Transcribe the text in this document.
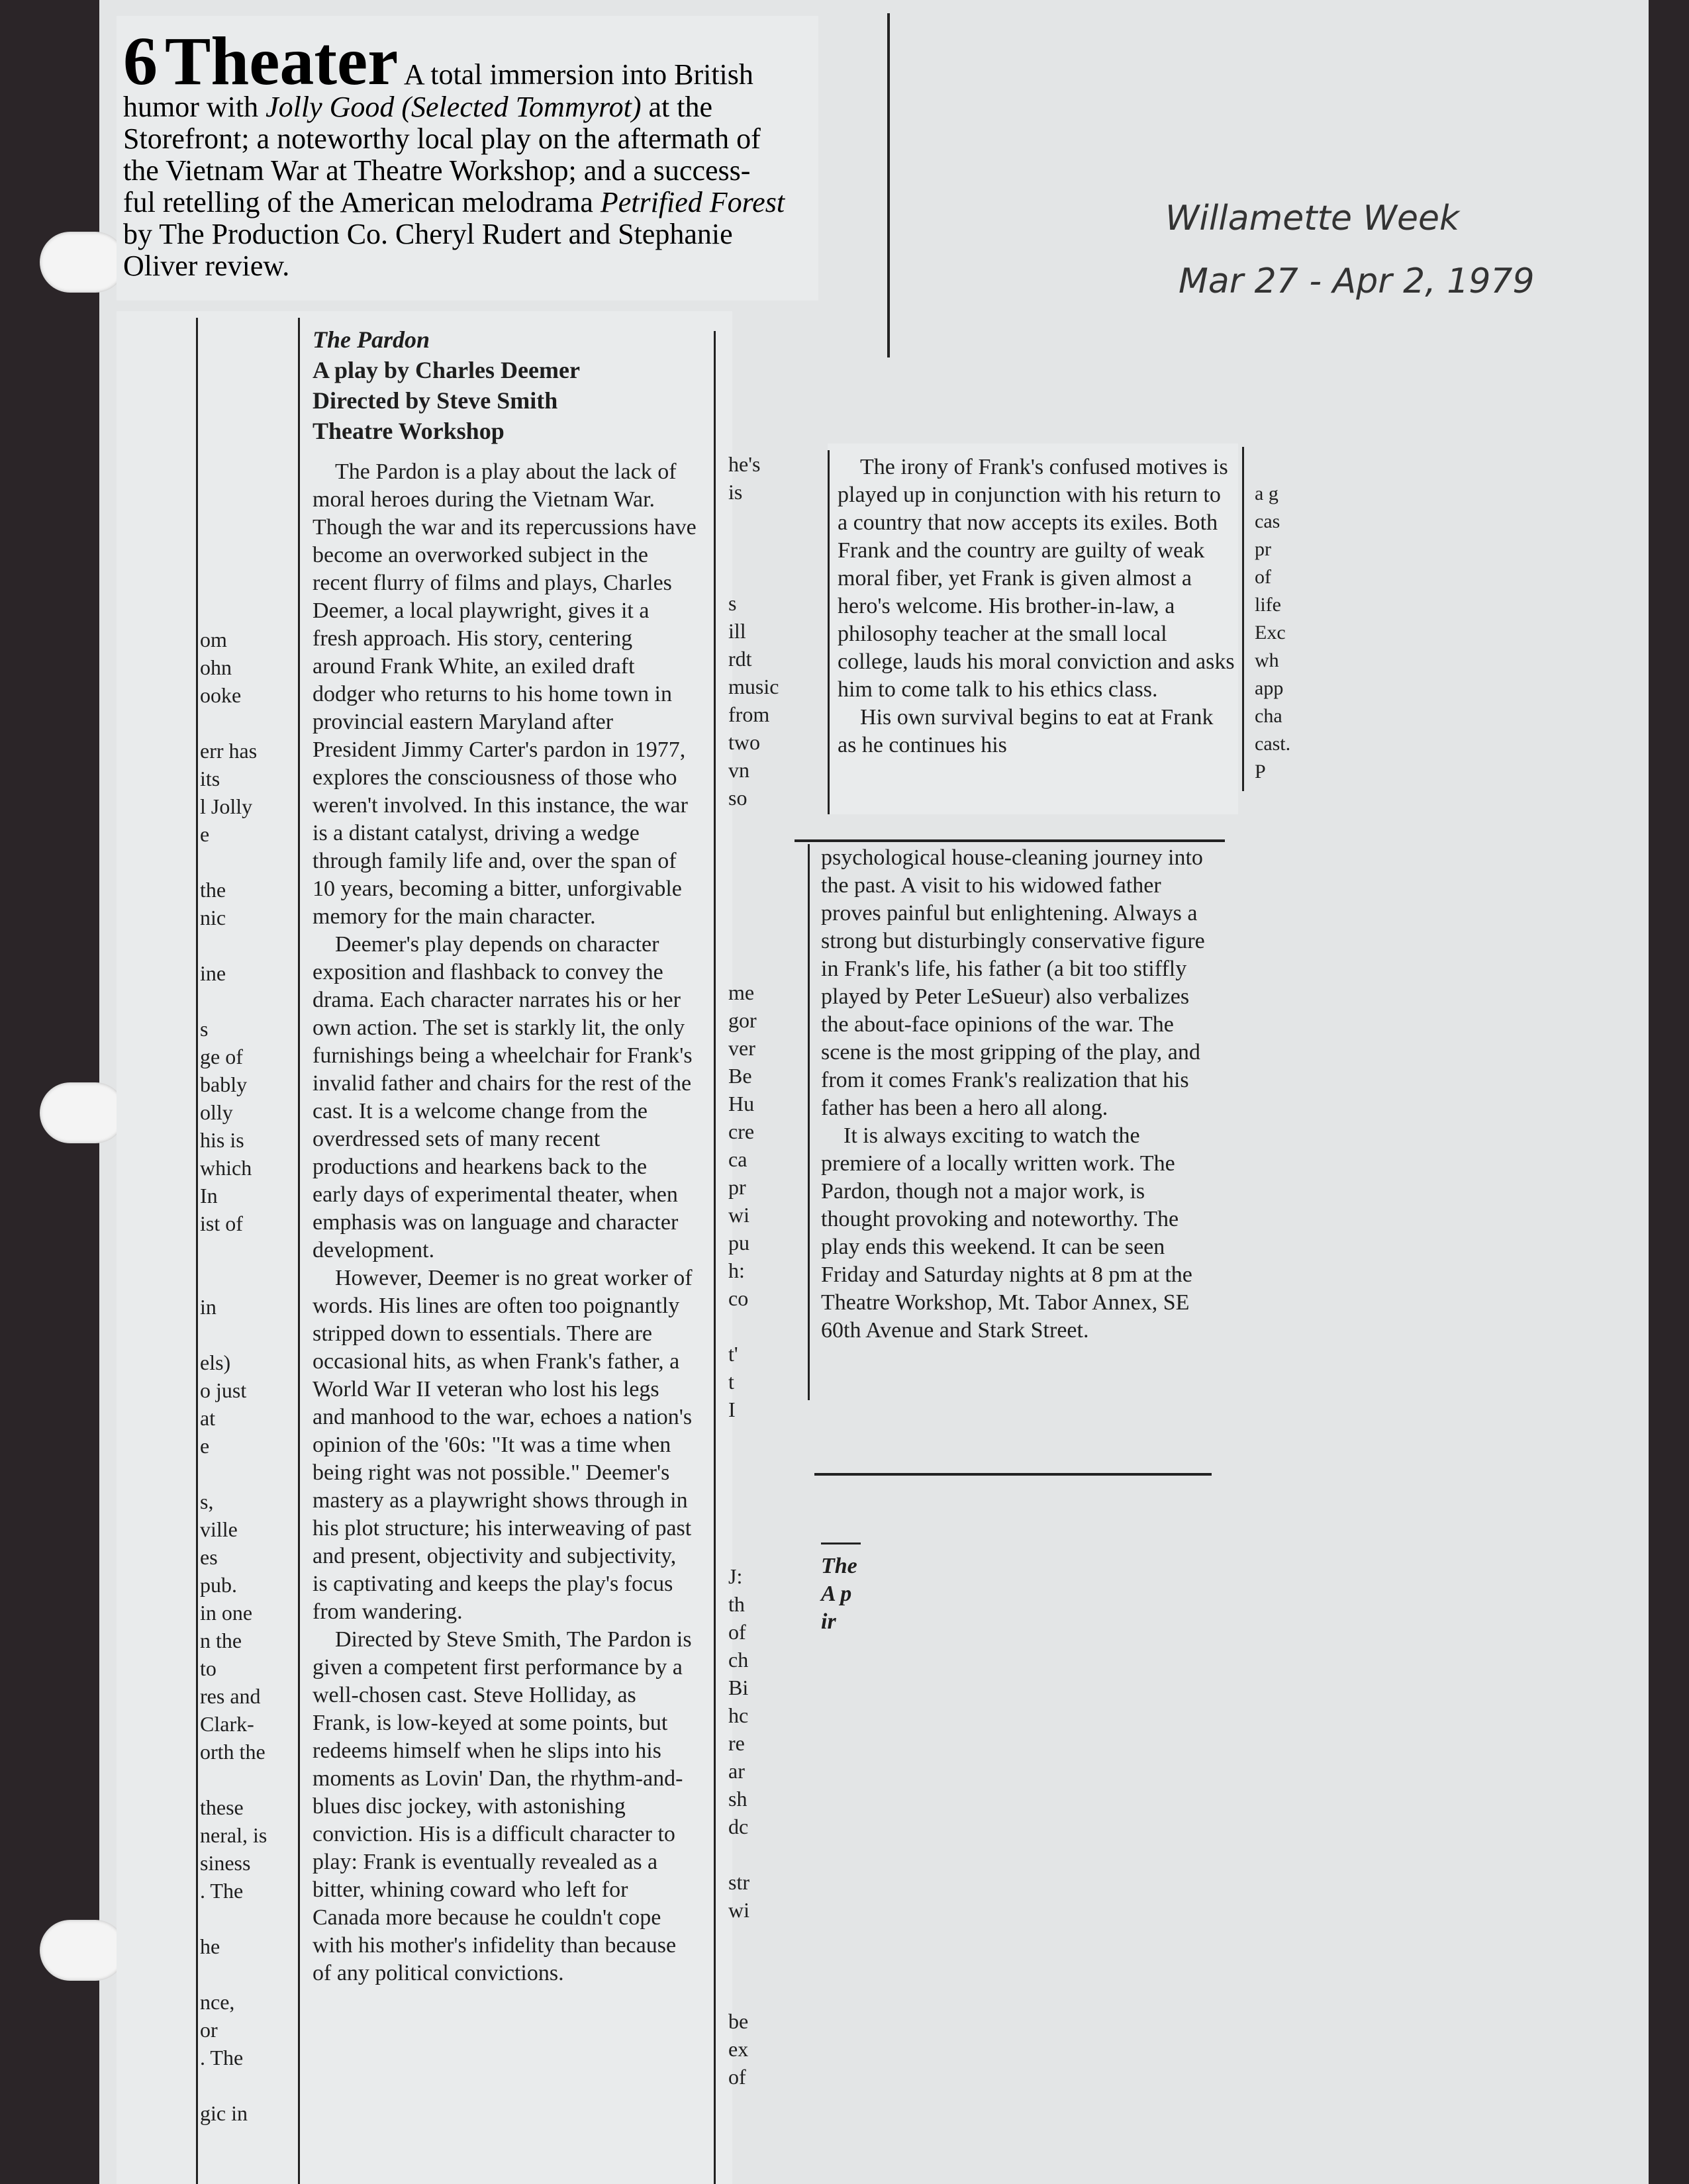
6 Theater A total immersion into British
humor with Jolly Good (Selected Tommyrot) at the
Storefront; a noteworthy local play on the aftermath of
the Vietnam War at Theatre Workshop; and a success-
ful retelling of the American melodrama Petrified Forest
by The Production Co. Cheryl Rudert and Stephanie
Oliver review.
Willamette Week
Mar 27 - Apr 2, 1979
om
ohn
ooke
err has
its
l Jolly
e
the
nic
ine
s
ge of
bably
olly
his is
which
In
ist of
in
els)
o just
at
e
s,
ville
es
pub.
in one
n the
to
res and
Clark-
orth the
these
neral, is
siness
. The
he
nce,
or
. The
gic in
The Pardon
A play by Charles Deemer
Directed by Steve Smith
Theatre Workshop

The Pardon is a play about the lack of moral heroes during the Vietnam War. Though the war and its repercussions have become an overworked subject in the recent flurry of films and plays, Charles Deemer, a local playwright, gives it a fresh approach. His story, centering around Frank White, an exiled draft dodger who returns to his home town in provincial eastern Maryland after President Jimmy Carter's pardon in 1977, explores the consciousness of those who weren't involved. In this instance, the war is a distant catalyst, driving a wedge through family life and, over the span of 10 years, becoming a bitter, unforgivable memory for the main character.

Deemer's play depends on character exposition and flashback to convey the drama. Each character narrates his or her own action. The set is starkly lit, the only furnishings being a wheelchair for Frank's invalid father and chairs for the rest of the cast. It is a welcome change from the overdressed sets of many recent productions and hearkens back to the early days of experimental theater, when emphasis was on language and character development.

However, Deemer is no great worker of words. His lines are often too poignantly stripped down to essentials. There are occasional hits, as when Frank's father, a World War II veteran who lost his legs and manhood to the war, echoes a nation's opinion of the '60s: "It was a time when being right was not possible." Deemer's mastery as a playwright shows through in his plot structure; his interweaving of past and present, objectivity and subjectivity, is captivating and keeps the play's focus from wandering.

Directed by Steve Smith, The Pardon is given a competent first performance by a well-chosen cast. Steve Holliday, as Frank, is low-keyed at some points, but redeems himself when he slips into his moments as Lovin' Dan, the rhythm-and-blues disc jockey, with astonishing conviction. His is a difficult character to play: Frank is eventually revealed as a bitter, whining coward who left for Canada more because he couldn't cope with his mother's infidelity than because of any political convictions.

he's
is
s
ill
rdt
music
from
two
vn
so
me
gor
ver
Be
Hu
cre
ca
pr
wi
pu
h:
co
t'
t
I
J:
th
of
ch
Bi
hc
re
ar
sh
dc
str
wi
be
ex
of

The irony of Frank's confused motives is played up in conjunction with his return to a country that now accepts its exiles. Both Frank and the country are guilty of weak moral fiber, yet Frank is given almost a hero's welcome. His brother-in-law, a philosophy teacher at the small local college, lauds his moral conviction and asks him to come talk to his ethics class.

His own survival begins to eat at Frank as he continues his

a g
cas
pr
of
life
Exc
wh
app
cha
cast.
P

psychological house-cleaning journey into the past. A visit to his widowed father proves painful but enlightening. Always a strong but disturbingly conservative figure in Frank's life, his father (a bit too stiffly played by Peter LeSueur) also verbalizes the about-face opinions of the war. The scene is the most gripping of the play, and from it comes Frank's realization that his father has been a hero all along.

It is always exciting to watch the premiere of a locally written work. The Pardon, though not a major work, is thought provoking and noteworthy. The play ends this weekend. It can be seen Friday and Saturday nights at 8 pm at the Theatre Workshop, Mt. Tabor Annex, SE 60th Avenue and Stark Street.

The
A p
ir
